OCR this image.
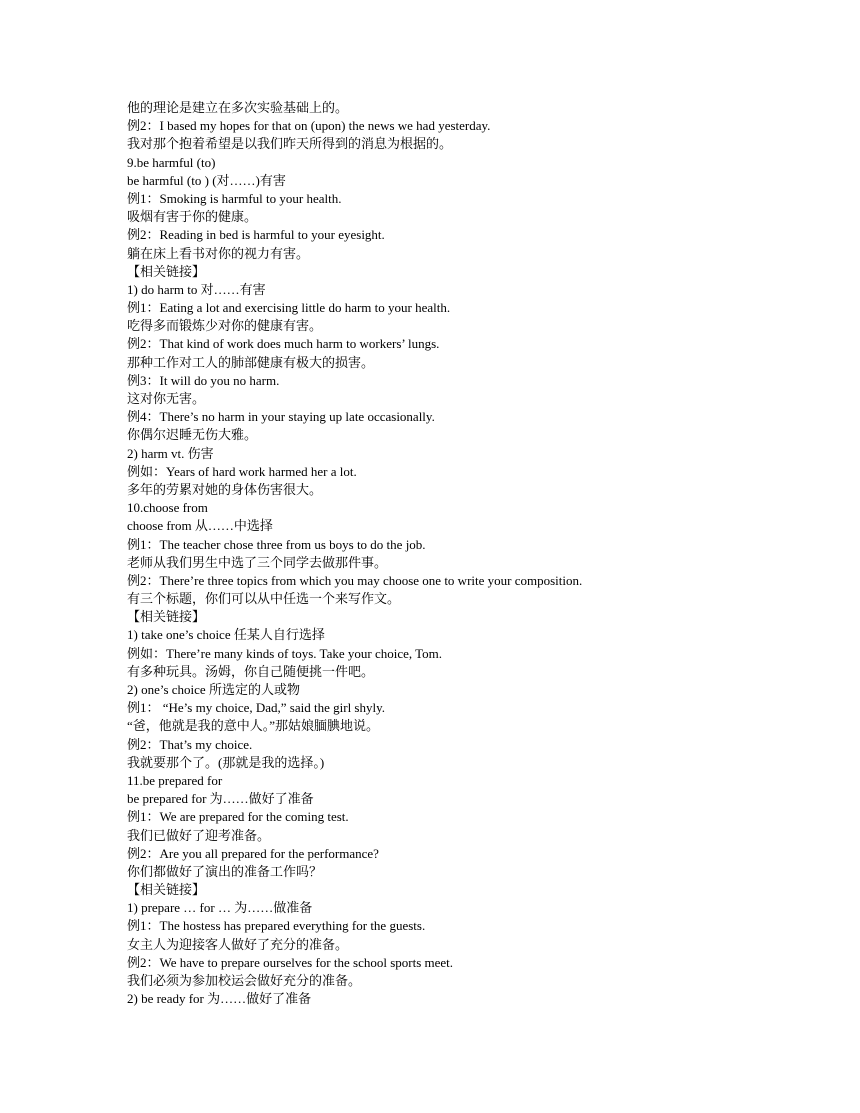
他的理论是建立在多次实验基础上的。
例2：I based my hopes for that on (upon) the news we had yesterday.
我对那个抱着希望是以我们昨天所得到的消息为根据的。
9.be harmful (to)
be harmful (to ) (对……)有害
例1：Smoking is harmful to your health.
吸烟有害于你的健康。
例2：Reading in bed is harmful to your eyesight.
躺在床上看书对你的视力有害。
【相关链接】
1) do harm to 对……有害
例1：Eating a lot and exercising little do harm to your health.
吃得多而锻炼少对你的健康有害。
例2：That kind of work does much harm to workers’ lungs.
那种工作对工人的肺部健康有极大的损害。
例3：It will do you no harm.
这对你无害。
例4：There’s no harm in your staying up late occasionally.
你偶尔迟睡无伤大雅。
2) harm vt. 伤害
例如：Years of hard work harmed her a lot.
多年的劳累对她的身体伤害很大。
10.choose from
choose from 从……中选择
例1：The teacher chose three from us boys to do the job.
老师从我们男生中选了三个同学去做那件事。
例2：There’re three topics from which you may choose one to write your composition.
有三个标题，你们可以从中任选一个来写作文。
【相关链接】
1) take one’s choice 任某人自行选择
例如：There’re many kinds of toys. Take your choice, Tom.
有多种玩具。汤姆，你自己随便挑一件吧。
2) one’s choice 所选定的人或物
例1： “He’s my choice, Dad,” said the girl shyly.
“爸，他就是我的意中人。”那姑娘腼腆地说。
例2：That’s my choice.
我就要那个了。(那就是我的选择。)
11.be prepared for
be prepared for 为……做好了准备
例1：We are prepared for the coming test.
我们已做好了迎考准备。
例2：Are you all prepared for the performance?
你们都做好了演出的准备工作吗？
【相关链接】
1) prepare … for … 为……做准备
例1：The hostess has prepared everything for the guests.
女主人为迎接客人做好了充分的准备。
例2：We have to prepare ourselves for the school sports meet.
我们必须为参加校运会做好充分的准备。
2) be ready for 为……做好了准备
